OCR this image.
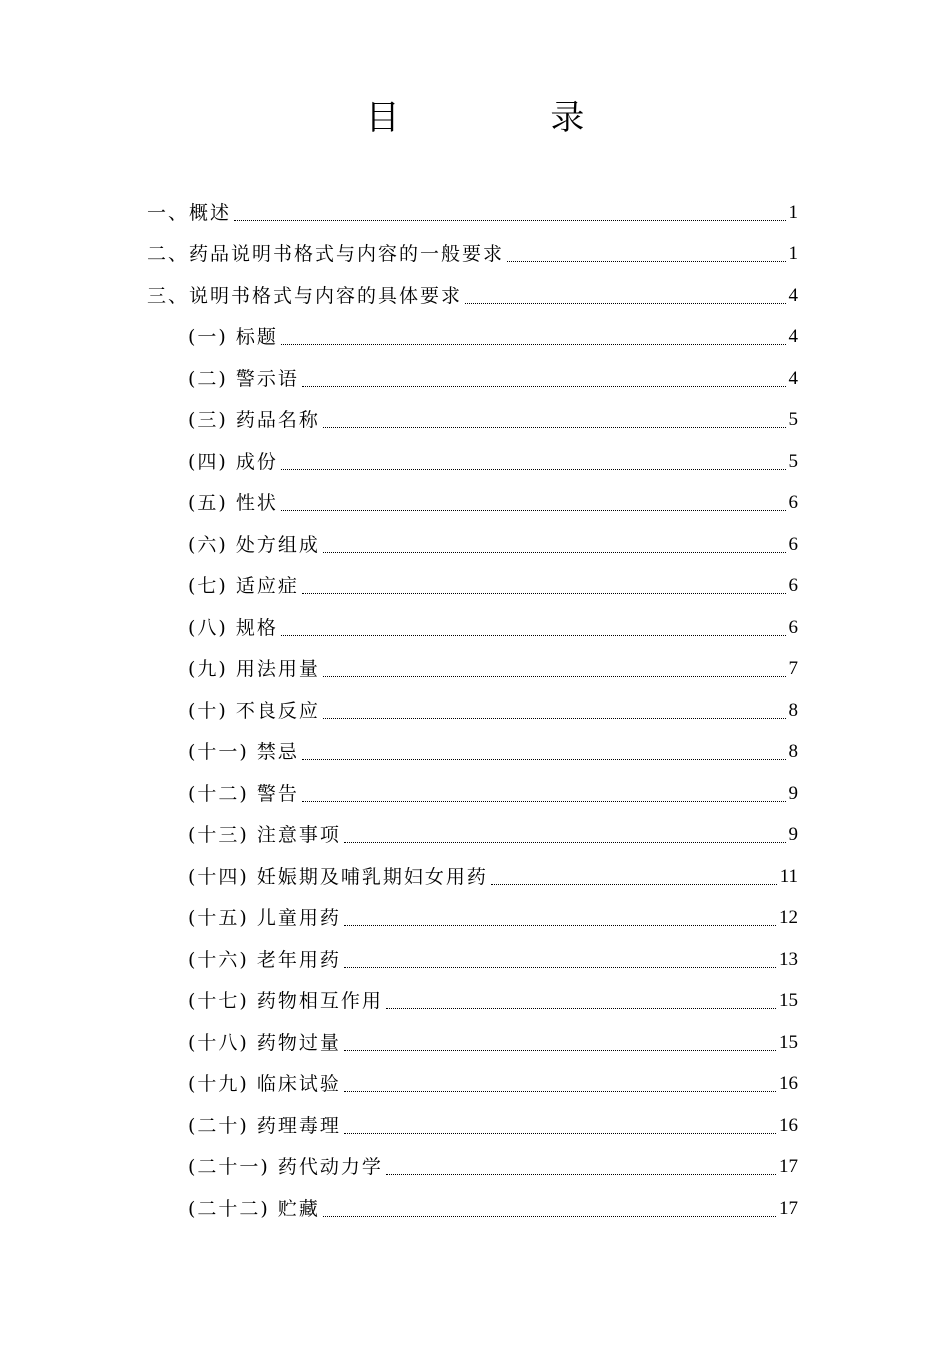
目 录
一、概述	1
二、药品说明书格式与内容的一般要求	1
三、说明书格式与内容的具体要求	4
(一) 标题	4
(二) 警示语	4
(三) 药品名称	5
(四) 成份	5
(五) 性状	6
(六) 处方组成	6
(七) 适应症	6
(八) 规格	6
(九) 用法用量	7
(十) 不良反应	8
(十一) 禁忌	8
(十二) 警告	9
(十三) 注意事项	9
(十四) 妊娠期及哺乳期妇女用药	11
(十五) 儿童用药	12
(十六) 老年用药	13
(十七) 药物相互作用	15
(十八) 药物过量	15
(十九) 临床试验	16
(二十) 药理毒理	16
(二十一) 药代动力学	17
(二十二) 贮藏	17
